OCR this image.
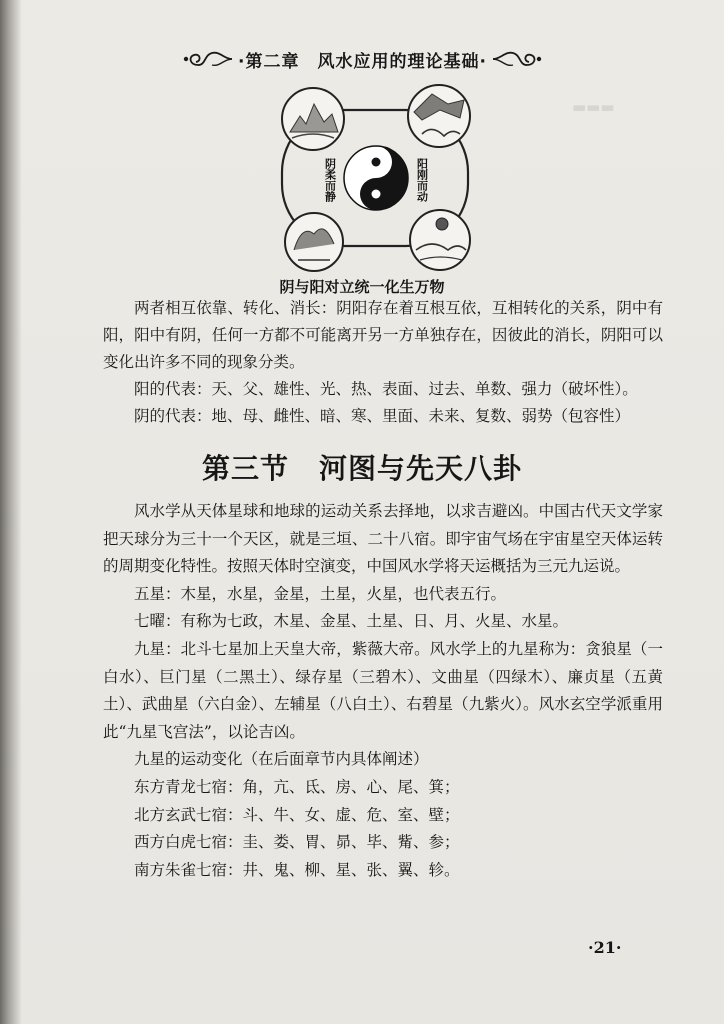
▬▬▬
·第二章　风水应用的理论基础·
阴柔而静	阳刚而动
阴与阳对立统一化生万物

两者相互依靠、转化、消长：阴阳存在着互根互依，互相转化的关系，阴中有阳，阳中有阴，任何一方都不可能离开另一方单独存在，因彼此的消长，阴阳可以变化出许多不同的现象分类。

阳的代表：天、父、雄性、光、热、表面、过去、单数、强力（破坏性）。

阴的代表：地、母、雌性、暗、寒、里面、未来、复数、弱势（包容性）

第三节 河图与先天八卦

风水学从天体星球和地球的运动关系去择地，以求吉避凶。中国古代天文学家把天球分为三十一个天区，就是三垣、二十八宿。即宇宙气场在宇宙星空天体运转的周期变化特性。按照天体时空演变，中国风水学将天运概括为三元九运说。

五星：木星，水星，金星，土星，火星，也代表五行。

七曜：有称为七政，木星、金星、土星、日、月、火星、水星。

九星：北斗七星加上天皇大帝，紫薇大帝。风水学上的九星称为：贪狼星（一白水）、巨门星（二黑土）、绿存星（三碧木）、文曲星（四绿木）、廉贞星（五黄土）、武曲星（六白金）、左辅星（八白土）、右碧星（九紫火）。风水玄空学派重用此“九星飞宫法”，以论吉凶。

九星的运动变化（在后面章节内具体阐述）

东方青龙七宿：角，亢、氐、房、心、尾、箕；

北方玄武七宿：斗、牛、女、虚、危、室、壁；

西方白虎七宿：圭、娄、胃、昴、毕、觜、参；

南方朱雀七宿：井、鬼、柳、星、张、翼、轸。

·21·
